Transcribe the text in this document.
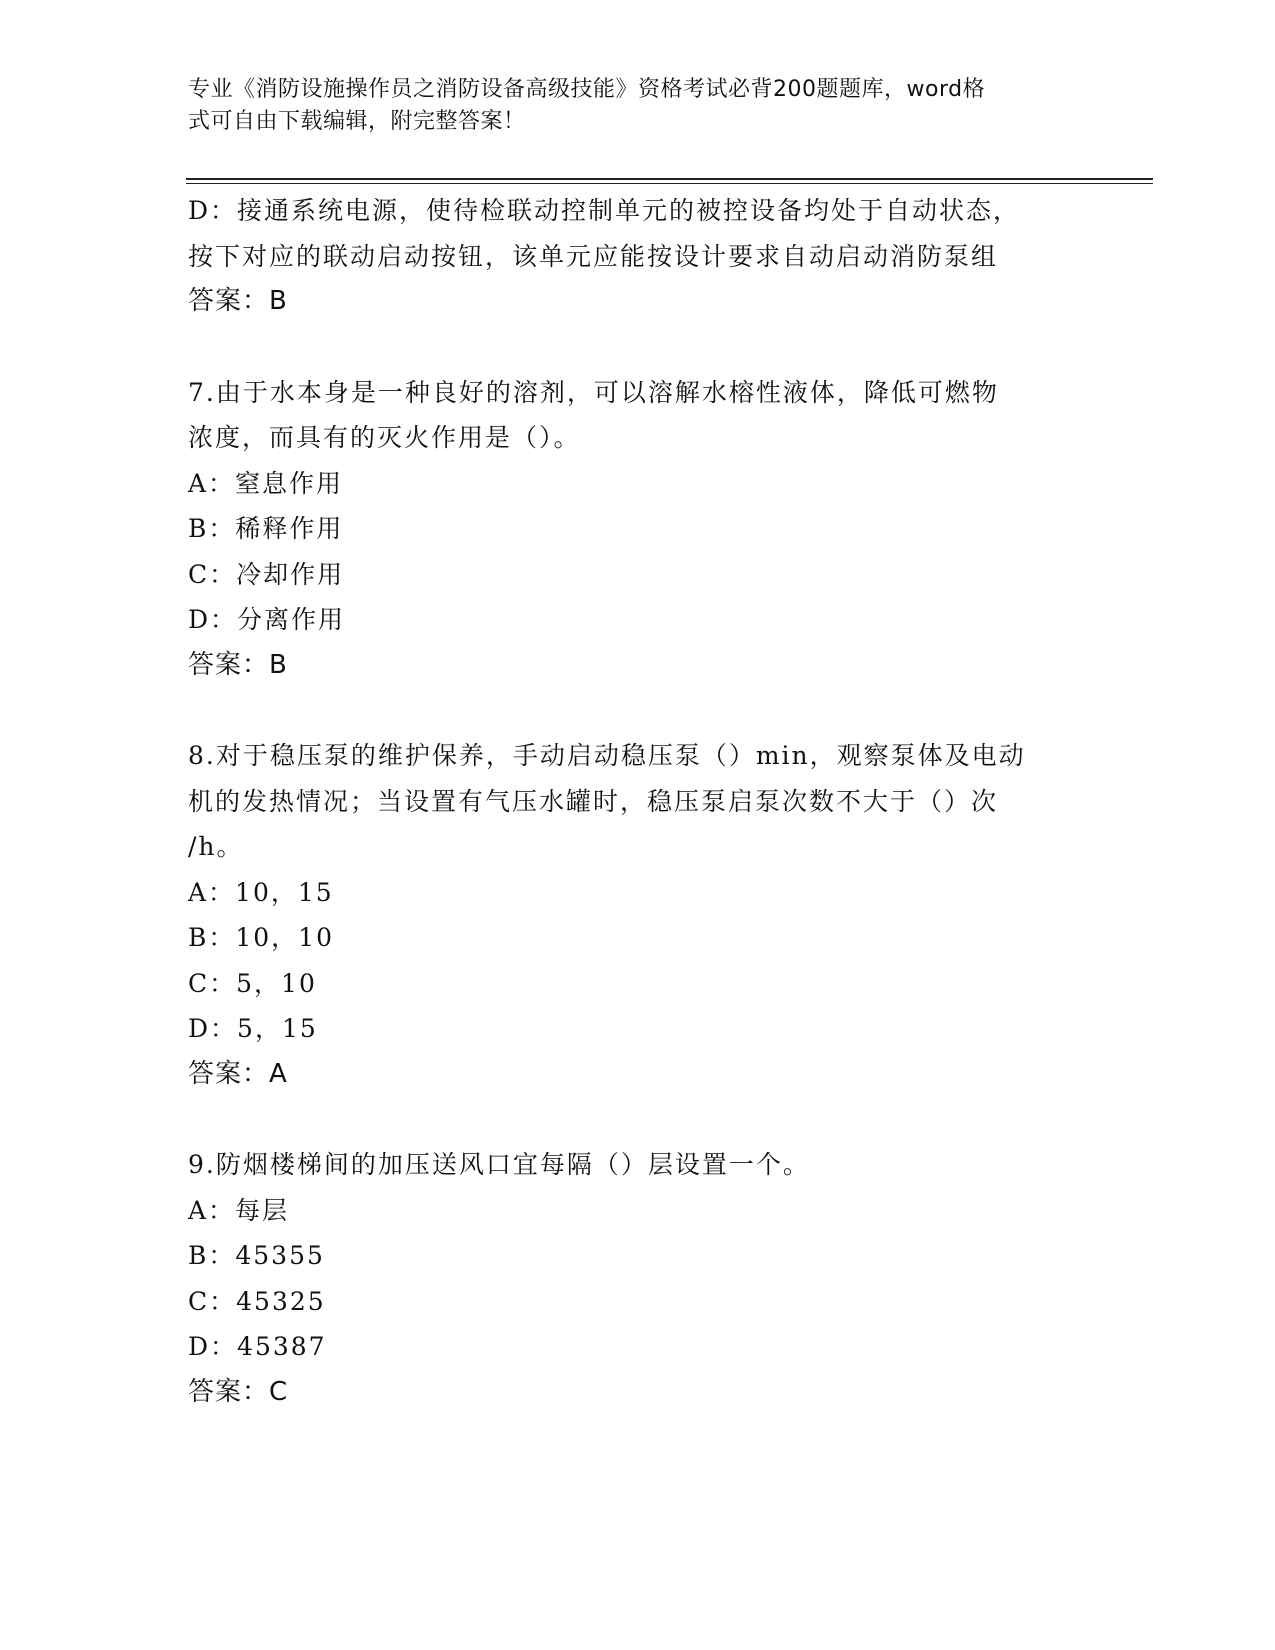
专业《消防设施操作员之消防设备高级技能》资格考试必背200题题库，word格
式可自由下载编辑，附完整答案！
D：接通系统电源，使待检联动控制单元的被控设备均处于自动状态，
按下对应的联动启动按钮，该单元应能按设计要求自动启动消防泵组
答案：B
7.由于水本身是一种良好的溶剂，可以溶解水榕性液体，降低可燃物
浓度，而具有的灭火作用是（）。
A：窒息作用
B：稀释作用
C：冷却作用
D：分离作用
答案：B
8.对于稳压泵的维护保养，手动启动稳压泵（）min，观察泵体及电动
机的发热情况；当设置有气压水罐时，稳压泵启泵次数不大于（）次
/h。
A：10，15
B：10，10
C：5，10
D：5，15
答案：A
9.防烟楼梯间的加压送风口宜每隔（）层设置一个。
A：每层
B：45355
C：45325
D：45387
答案：C
